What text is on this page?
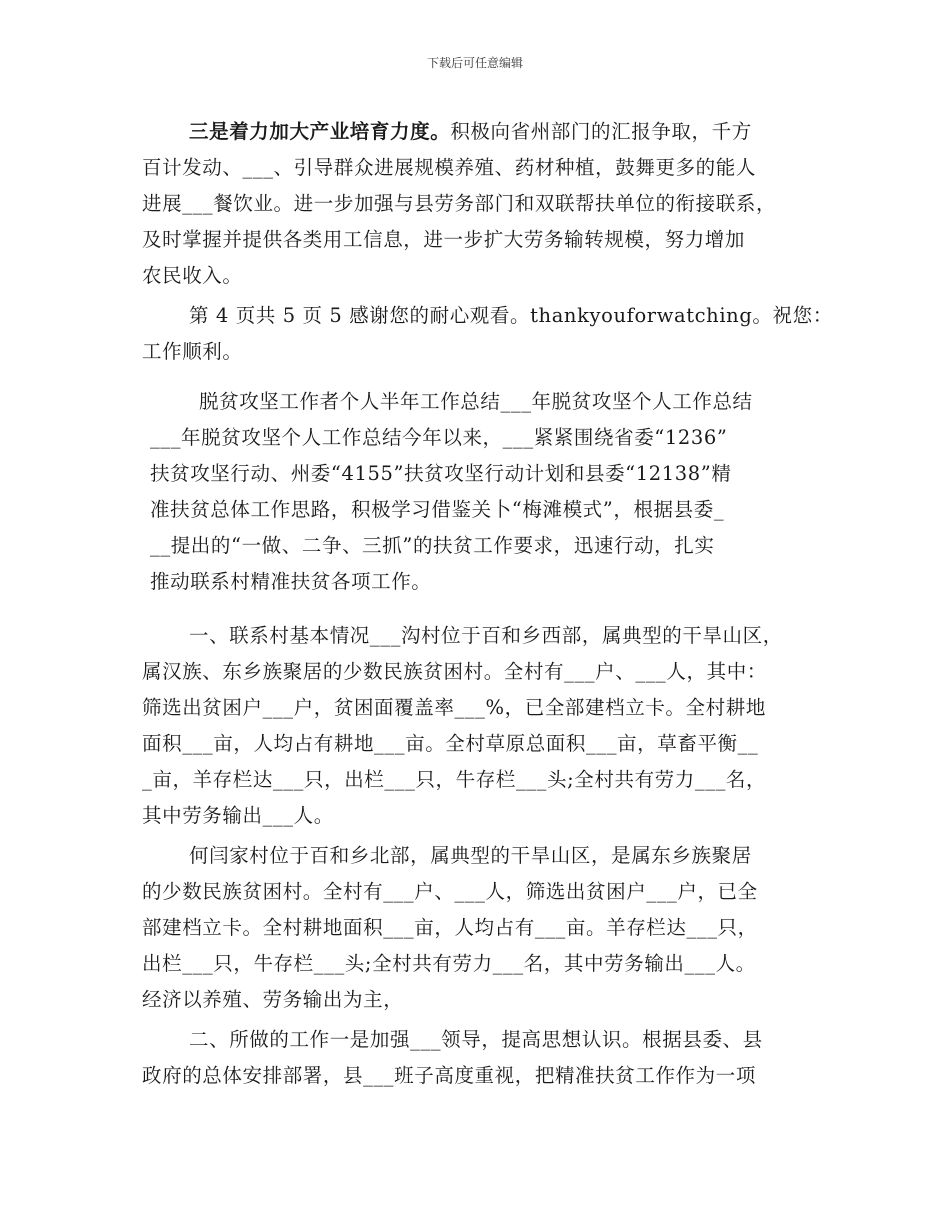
下载后可任意编辑
三是着力加大产业培育力度。积极向省州部门的汇报争取，千方
百计发动、___、引导群众进展规模养殖、药材种植，鼓舞更多的能人
进展___餐饮业。进一步加强与县劳务部门和双联帮扶单位的衔接联系，
及时掌握并提供各类用工信息，进一步扩大劳务输转规模，努力增加
农民收入。
第 4 页共 5 页 5 感谢您的耐心观看。thankyouforwatching。祝您：
工作顺利。
脱贫攻坚工作者个人半年工作总结___年脱贫攻坚个人工作总结
___年脱贫攻坚个人工作总结今年以来，___紧紧围绕省委“1236”
扶贫攻坚行动、州委“4155”扶贫攻坚行动计划和县委“12138”精
准扶贫总体工作思路，积极学习借鉴关卜“梅滩模式”，根据县委_
__提出的“一做、二争、三抓”的扶贫工作要求，迅速行动，扎实
推动联系村精准扶贫各项工作。
一、联系村基本情况___沟村位于百和乡西部，属典型的干旱山区，
属汉族、东乡族聚居的少数民族贫困村。全村有___户、___人，其中：
筛选出贫困户___户，贫困面覆盖率___%，已全部建档立卡。全村耕地
面积___亩，人均占有耕地___亩。全村草原总面积___亩，草畜平衡__
_亩，羊存栏达___只，出栏___只，牛存栏___头;全村共有劳力___名，
其中劳务输出___人。
何闫家村位于百和乡北部，属典型的干旱山区，是属东乡族聚居
的少数民族贫困村。全村有___户、___人，筛选出贫困户___户，已全
部建档立卡。全村耕地面积___亩，人均占有___亩。羊存栏达___只，
出栏___只，牛存栏___头;全村共有劳力___名，其中劳务输出___人。
经济以养殖、劳务输出为主，
二、所做的工作一是加强___领导，提高思想认识。根据县委、县
政府的总体安排部署，县___班子高度重视，把精准扶贫工作作为一项
